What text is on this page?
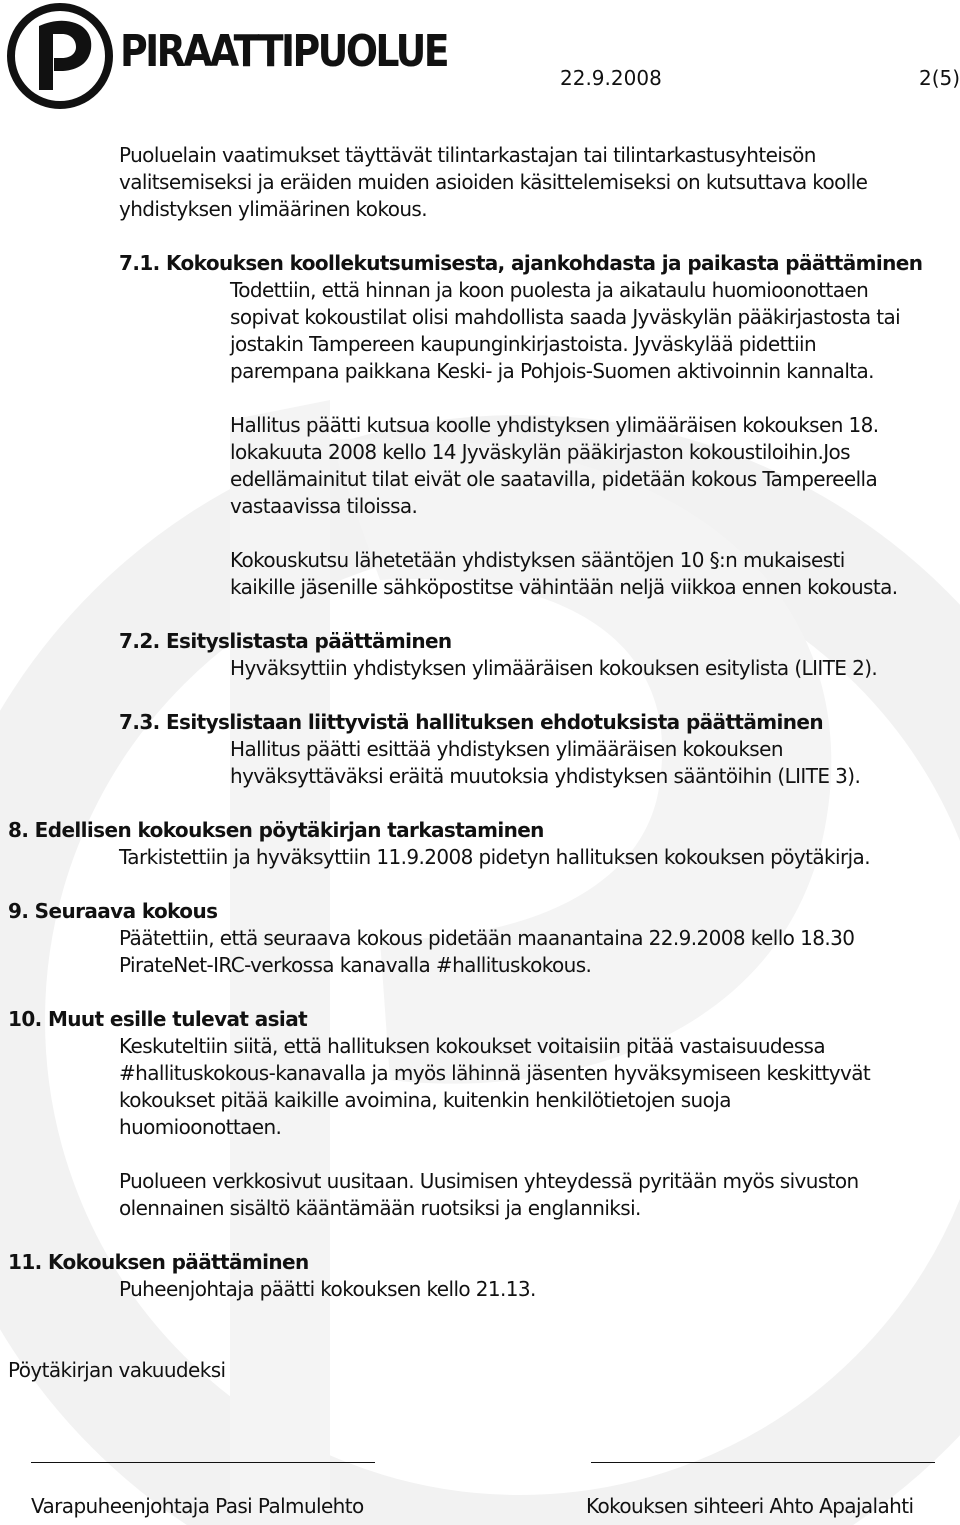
PIRAATTIPUOLUE
22.9.2008	2(5)
Puoluelain vaatimukset täyttävät tilintarkastajan tai tilintarkastusyhteisön
valitsemiseksi ja eräiden muiden asioiden käsittelemiseksi on kutsuttava koolle
yhdistyksen ylimäärinen kokous.
7.1. Kokouksen koollekutsumisesta, ajankohdasta ja paikasta päättäminen
Todettiin, että hinnan ja koon puolesta ja aikataulu huomioonottaen
sopivat kokoustilat olisi mahdollista saada Jyväskylän pääkirjastosta tai
jostakin Tampereen kaupunginkirjastoista. Jyväskylää pidettiin
parempana paikkana Keski- ja Pohjois-Suomen aktivoinnin kannalta.
Hallitus päätti kutsua koolle yhdistyksen ylimääräisen kokouksen 18.
lokakuuta 2008 kello 14 Jyväskylän pääkirjaston kokoustiloihin.Jos
edellämainitut tilat eivät ole saatavilla, pidetään kokous Tampereella
vastaavissa tiloissa.
Kokouskutsu lähetetään yhdistyksen sääntöjen 10 §:n mukaisesti
kaikille jäsenille sähköpostitse vähintään neljä viikkoa ennen kokousta.
7.2. Esityslistasta päättäminen
Hyväksyttiin yhdistyksen ylimääräisen kokouksen esitylista (LIITE 2).
7.3. Esityslistaan liittyvistä hallituksen ehdotuksista päättäminen
Hallitus päätti esittää yhdistyksen ylimääräisen kokouksen
hyväksyttäväksi eräitä muutoksia yhdistyksen sääntöihin (LIITE 3).
8. Edellisen kokouksen pöytäkirjan tarkastaminen
Tarkistettiin ja hyväksyttiin 11.9.2008 pidetyn hallituksen kokouksen pöytäkirja.
9. Seuraava kokous
Päätettiin, että seuraava kokous pidetään maanantaina 22.9.2008 kello 18.30
PirateNet-IRC-verkossa kanavalla #hallituskokous.
10. Muut esille tulevat asiat
Keskuteltiin siitä, että hallituksen kokoukset voitaisiin pitää vastaisuudessa
#hallituskokous-kanavalla ja myös lähinnä jäsenten hyväksymiseen keskittyvät
kokoukset pitää kaikille avoimina, kuitenkin henkilötietojen suoja
huomioonottaen.
Puolueen verkkosivut uusitaan. Uusimisen yhteydessä pyritään myös sivuston
olennainen sisältö kääntämään ruotsiksi ja englanniksi.
11. Kokouksen päättäminen
Puheenjohtaja päätti kokouksen kello 21.13.
Pöytäkirjan vakuudeksi
Varapuheenjohtaja Pasi Palmulehto	Kokouksen sihteeri Ahto Apajalahti
